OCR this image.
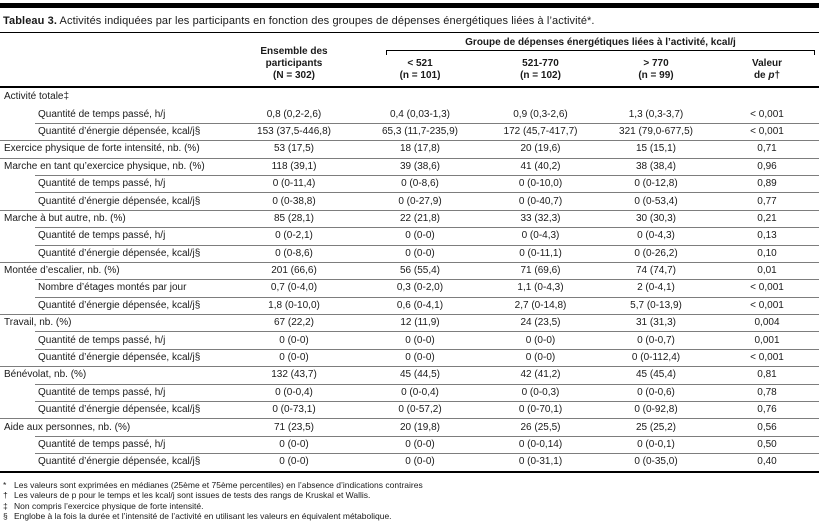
Tableau 3. Activités indiquées par les participants en fonction des groupes de dépenses énergétiques liées à l’activité*.
Ensemble des participants
(N = 302)
Groupe de dépenses énergétiques liées à l’activité, kcal/j
< 521
(n = 101)
521-770
(n = 102)
> 770
(n = 99)
Valeur
de p†
Activité totale‡
Quantité de temps passé, h/j	0,8 (0,2-2,6)	0,4 (0,03-1,3)	0,9 (0,3-2,6)	1,3 (0,3-3,7)	< 0,001
Quantité d’énergie dépensée, kcal/j§	153 (37,5-446,8)	65,3 (11,7-235,9)	172 (45,7-417,7)	321 (79,0-677,5)	< 0,001
Exercice physique de forte intensité, nb. (%)	53 (17,5)	18 (17,8)	20 (19,6)	15 (15,1)	0,71
Marche en tant qu’exercice physique, nb. (%)	118 (39,1)	39 (38,6)	41 (40,2)	38 (38,4)	0,96
Quantité de temps passé, h/j	0 (0-11,4)	0 (0-8,6)	0 (0-10,0)	0 (0-12,8)	0,89
Quantité d’énergie dépensée, kcal/j§	0 (0-38,8)	0 (0-27,9)	0 (0-40,7)	0 (0-53,4)	0,77
Marche à but autre, nb. (%)	85 (28,1)	22 (21,8)	33 (32,3)	30 (30,3)	0,21
Quantité de temps passé, h/j	0 (0-2,1)	0 (0-0)	0 (0-4,3)	0 (0-4,3)	0,13
Quantité d’énergie dépensée, kcal/j§	0 (0-8,6)	0 (0-0)	0 (0-11,1)	0 (0-26,2)	0,10
Montée d’escalier, nb. (%)	201 (66,6)	56 (55,4)	71 (69,6)	74 (74,7)	0,01
Nombre d’étages montés par jour	0,7 (0-4,0)	0,3 (0-2,0)	1,1 (0-4,3)	2 (0-4,1)	< 0,001
Quantité d’énergie dépensée, kcal/j§	1,8 (0-10,0)	0,6 (0-4,1)	2,7 (0-14,8)	5,7 (0-13,9)	< 0,001
Travail, nb. (%)	67 (22,2)	12 (11,9)	24 (23,5)	31 (31,3)	0,004
Quantité de temps passé, h/j	0 (0-0)	0 (0-0)	0 (0-0)	0 (0-0,7)	0,001
Quantité d’énergie dépensée, kcal/j§	0 (0-0)	0 (0-0)	0 (0-0)	0 (0-112,4)	< 0,001
Bénévolat, nb. (%)	132 (43,7)	45 (44,5)	42 (41,2)	45 (45,4)	0,81
Quantité de temps passé, h/j	0 (0-0,4)	0 (0-0,4)	0 (0-0,3)	0 (0-0,6)	0,78
Quantité d’énergie dépensée, kcal/j§	0 (0-73,1)	0 (0-57,2)	0 (0-70,1)	0 (0-92,8)	0,76
Aide aux personnes, nb. (%)	71 (23,5)	20 (19,8)	26 (25,5)	25 (25,2)	0,56
Quantité de temps passé, h/j	0 (0-0)	0 (0-0)	0 (0-0,14)	0 (0-0,1)	0,50
Quantité d’énergie dépensée, kcal/j§	0 (0-0)	0 (0-0)	0 (0-31,1)	0 (0-35,0)	0,40
* Les valeurs sont exprimées en médianes (25ème et 75ème percentiles) en l’absence d’indications contraires
† Les valeurs de p pour le temps et les kcal/j sont issues de tests des rangs de Kruskal et Wallis.
‡ Non compris l’exercice physique de forte intensité.
§ Englobe à la fois la durée et l’intensité de l’activité en utilisant les valeurs en équivalent métabolique.
